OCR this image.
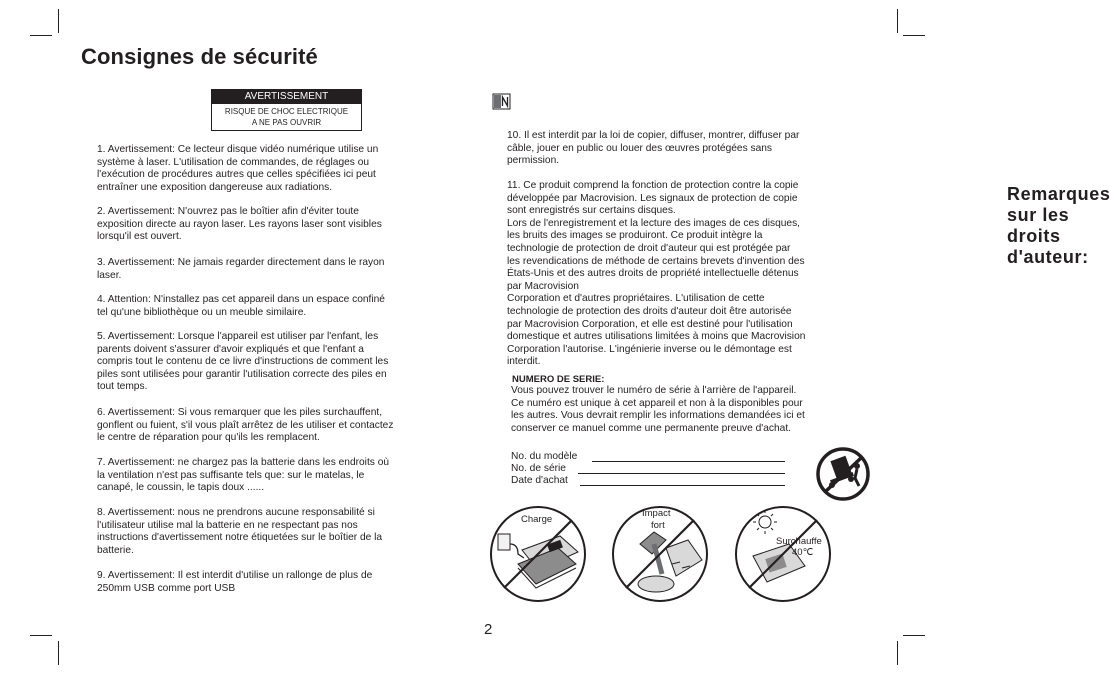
Consignes de sécurité
AVERTISSEMENT
RISQUE DE CHOC ELECTRIQUE
A NE PAS OUVRIR
1. Avertissement: Ce lecteur disque vidéo numérique utilise un
système à laser. L'utilisation de commandes, de réglages ou
l'exécution de procédures autres que celles spécifiées ici peut
entraîner une exposition dangereuse aux radiations.
2. Avertissement: N'ouvrez pas le boîtier afin d'éviter toute
exposition directe au rayon laser. Les rayons laser sont visibles
lorsqu'il est ouvert.
3. Avertissement: Ne jamais regarder directement dans le rayon
laser.
4. Attention: N'installez pas cet appareil dans un espace confiné
tel qu'une bibliothèque ou un meuble similaire.
5. Avertissement: Lorsque l'appareil est utiliser par l'enfant, les
parents doivent s'assurer d'avoir expliqués et que l'enfant a
compris tout le contenu de ce livre d'instructions de comment les
piles sont utilisées pour garantir l'utilisation correcte des piles en
tout temps.
6. Avertissement: Si vous remarquer que les piles surchauffent,
gonflent ou fuient, s'il vous plaît arrêtez de les utiliser et contactez
le centre de réparation pour qu'ils les remplacent.
7. Avertissement: ne chargez pas la batterie dans les endroits où
la ventilation n'est pas suffisante tels que: sur le matelas, le
canapé, le coussin, le tapis doux ......
8. Avertissement: nous ne prendrons aucune responsabilité si
l'utilisateur utilise mal la batterie en ne respectant pas nos
instructions d'avertissement notre étiquetées sur le boîtier de la
batterie.
9. Avertissement: Il est interdit d'utilise un rallonge de plus de
250mm USB comme port USB
Remarques sur les droits d'auteur:
10. Il est interdit par la loi de copier, diffuser, montrer, diffuser par
câble, jouer en public ou louer des œuvres protégées sans
permission.
11. Ce produit comprend la fonction de protection contre la copie
développée par Macrovision. Les signaux de protection de copie
sont enregistrés sur certains disques.
Lors de l'enregistrement et la lecture des images de ces disques,
les bruits des images se produiront. Ce produit intègre la
technologie de protection de droit d'auteur qui est protégée par
les revendications de méthode de certains brevets d'invention des
États-Unis et des autres droits de propriété intellectuelle détenus
par Macrovision
Corporation et d'autres propriétaires. L'utilisation de cette
technologie de protection des droits d'auteur doit être autorisée
par Macrovision Corporation, et elle est destiné pour l'utilisation
domestique et autres utilisations limitées à moins que Macrovision
Corporation l'autorise. L'ingénierie inverse ou le démontage est
interdit.

NUMERO DE SERIE:

Vous pouvez trouver le numéro de série à l'arrière de l'appareil.
Ce numéro est unique à cet appareil et non à la disponibles pour
les autres. Vous devrait remplir les informations demandées ici et
conserver ce manuel comme une permanente preuve d'achat.
No. du modèle
No. de série
Date d'achat
Charge
Impact
fort
Surchauffe
40℃
2
